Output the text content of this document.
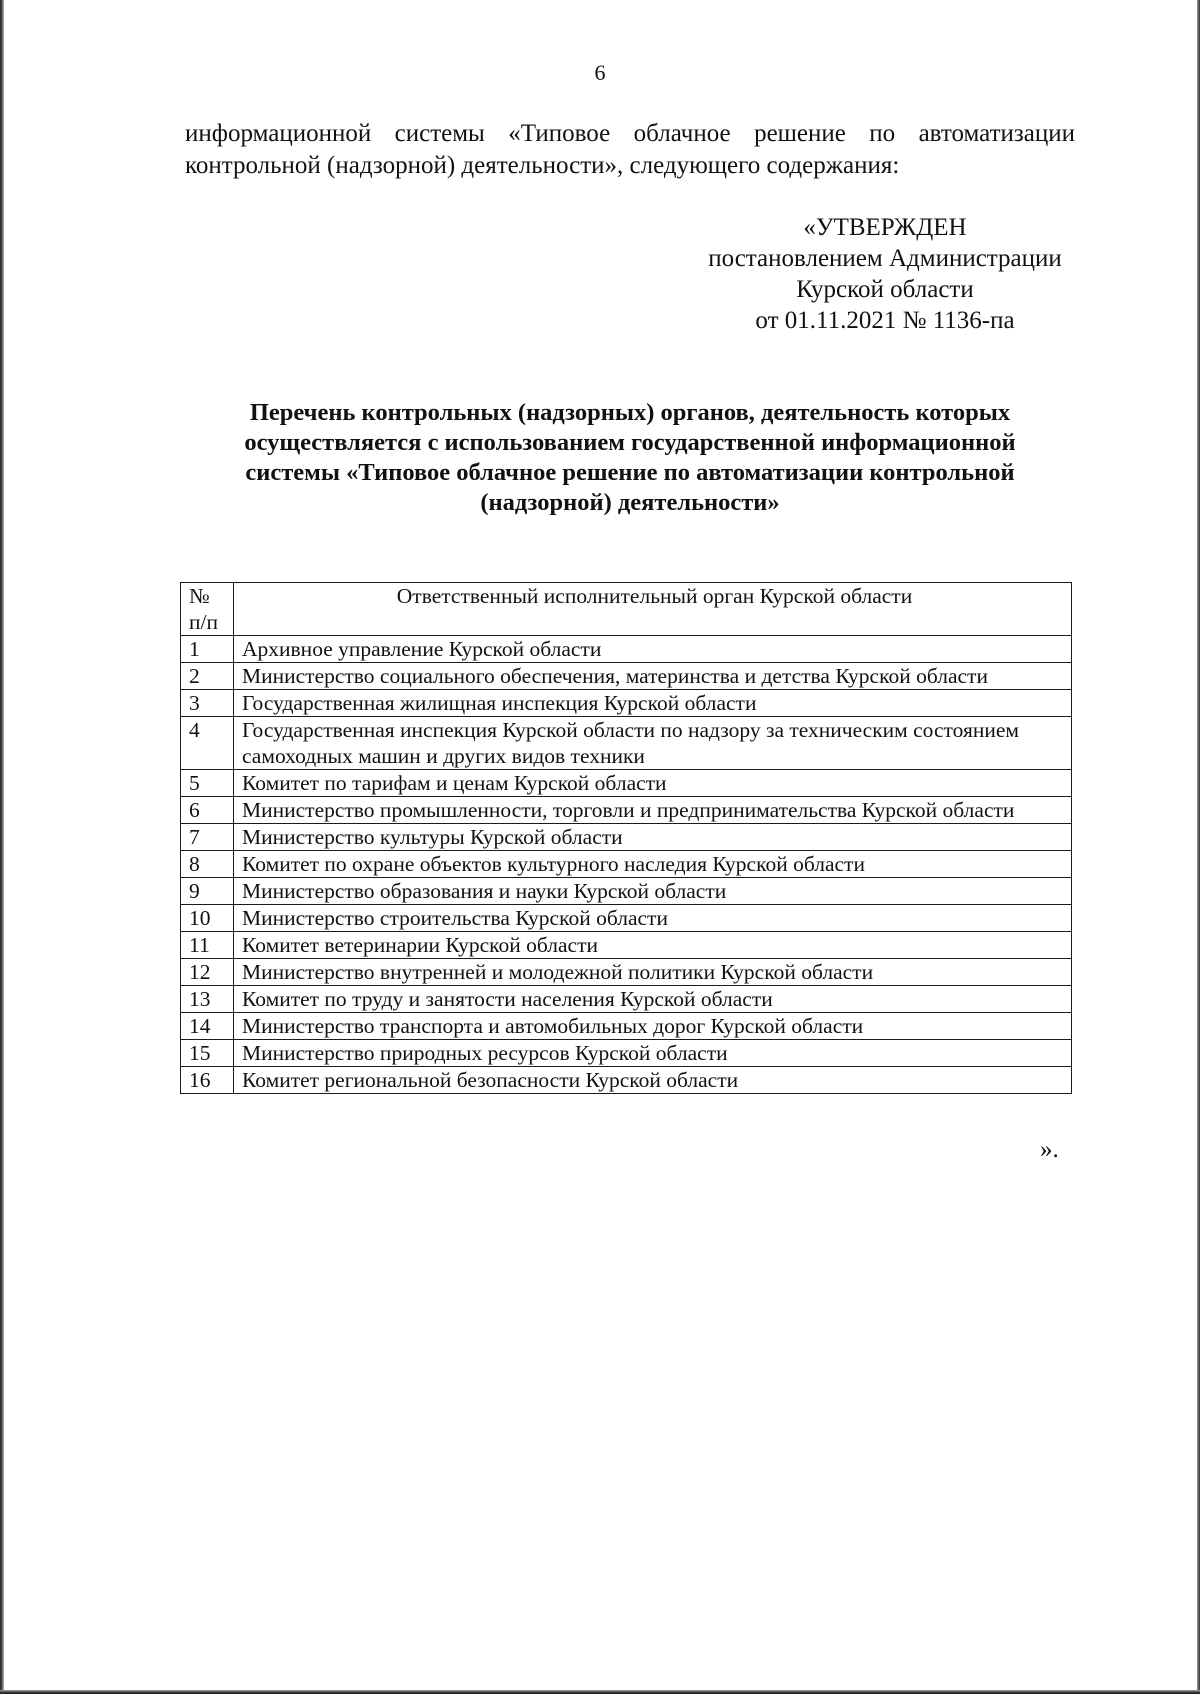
6
информационной системы «Типовое облачное решение по автоматизации контрольной (надзорной) деятельности», следующего содержания:
«УТВЕРЖДЕН
постановлением Администрации
Курской области
от 01.11.2021 № 1136-па
Перечень контрольных (надзорных) органов, деятельность которых
осуществляется с использованием государственной информационной
системы «Типовое облачное решение по автоматизации контрольной
(надзорной) деятельности»
№
п/п	Ответственный исполнительный орган Курской области
1	Архивное управление Курской области
2	Министерство социального обеспечения, материнства и детства Курской области
3	Государственная жилищная инспекция Курской области
4	Государственная инспекция Курской области по надзору за техническим состоянием самоходных машин и других видов техники
5	Комитет по тарифам и ценам Курской области
6	Министерство промышленности, торговли и предпринимательства Курской области
7	Министерство культуры Курской области
8	Комитет по охране объектов культурного наследия Курской области
9	Министерство образования и науки Курской области
10	Министерство строительства Курской области
11	Комитет ветеринарии Курской области
12	Министерство внутренней и молодежной политики Курской области
13	Комитет по труду и занятости населения Курской области
14	Министерство транспорта и автомобильных дорог Курской области
15	Министерство природных ресурсов Курской области
16	Комитет региональной безопасности Курской области
».
